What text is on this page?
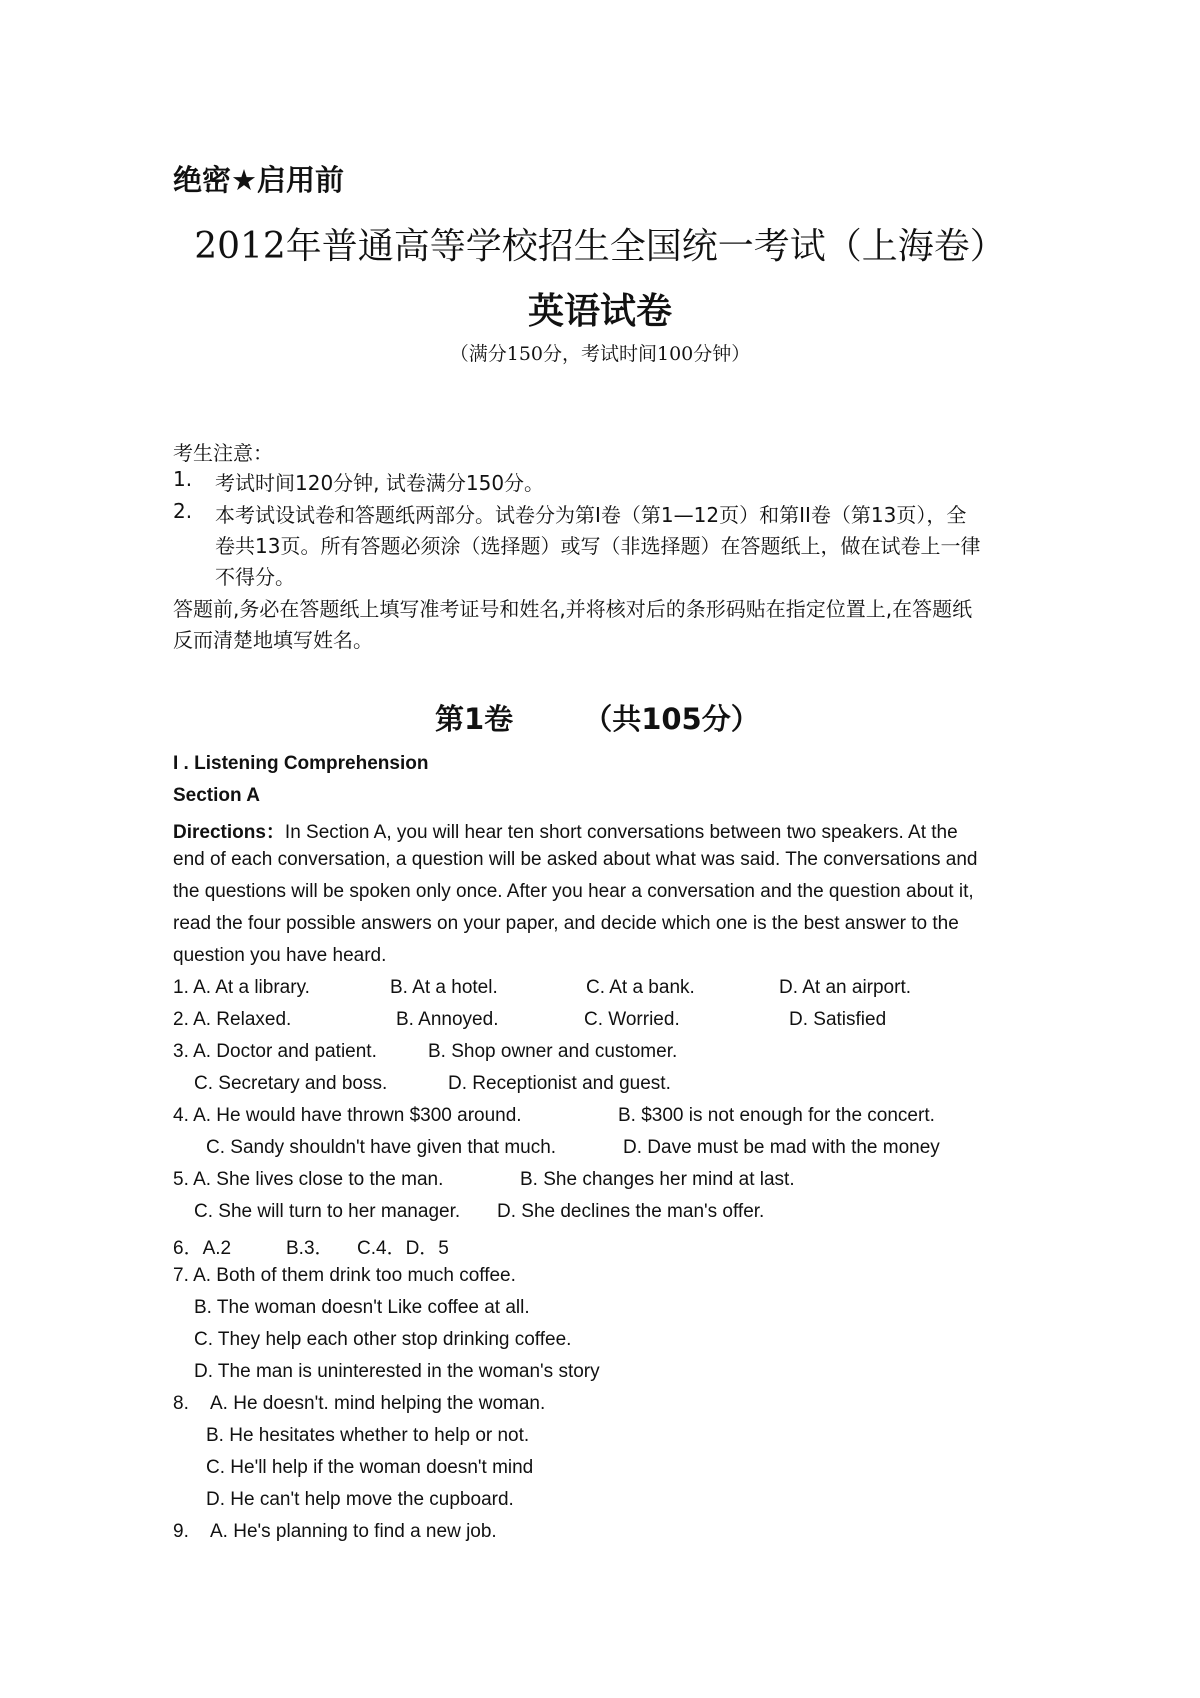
绝密★启用前
2012年普通高等学校招生全国统一考试（上海卷）
英语试卷
（满分150分，考试时间100分钟）
考生注意：
1. 考试时间120分钟, 试卷满分150分。
2. 本考试设试卷和答题纸两部分。试卷分为第I卷（第1—12页）和第II卷（第13页），全
卷共13页。所有答题必须涂（选择题）或写（非选择题）在答题纸上，做在试卷上一律
不得分。
答题前,务必在答题纸上填写准考证号和姓名,并将核对后的条形码贴在指定位置上,在答题纸
反而清楚地填写姓名。
第1卷 （共105分）
I . Listening Comprehension
Section A
Directions：In Section A, you will hear ten short conversations between two speakers. At the
end of each conversation, a question will be asked about what was said. The conversations and
the questions will be spoken only once. After you hear a conversation and the question about it,
read the four possible answers on your paper, and decide which one is the best answer to the
question you have heard.
1. A. At a library.	B. At a hotel.	C. At a bank.	D. At an airport.
2. A. Relaxed.	B. Annoyed.	C. Worried.	D. Satisfied
3. A. Doctor and patient.	B. Shop owner and customer.
C. Secretary and boss.	D. Receptionist and guest.
4. A. He would have thrown $300 around.	B. $300 is not enough for the concert.
C. Sandy shouldn't have given that much.	D. Dave must be mad with the money
5. A. She lives close to the man.	B. She changes her mind at last.
C. She will turn to her manager. D. She declines the man's offer.
6．A.2	B.3． C.4．D．5
7. A. Both of them drink too much coffee.
B. The woman doesn't Like coffee at all.
C. They help each other stop drinking coffee.
D. The man is uninterested in the woman's story
8. A. He doesn't. mind helping the woman.
B. He hesitates whether to help or not.
C. He'll help if the woman doesn't mind
D. He can't help move the cupboard.
9. A. He's planning to find a new job.
